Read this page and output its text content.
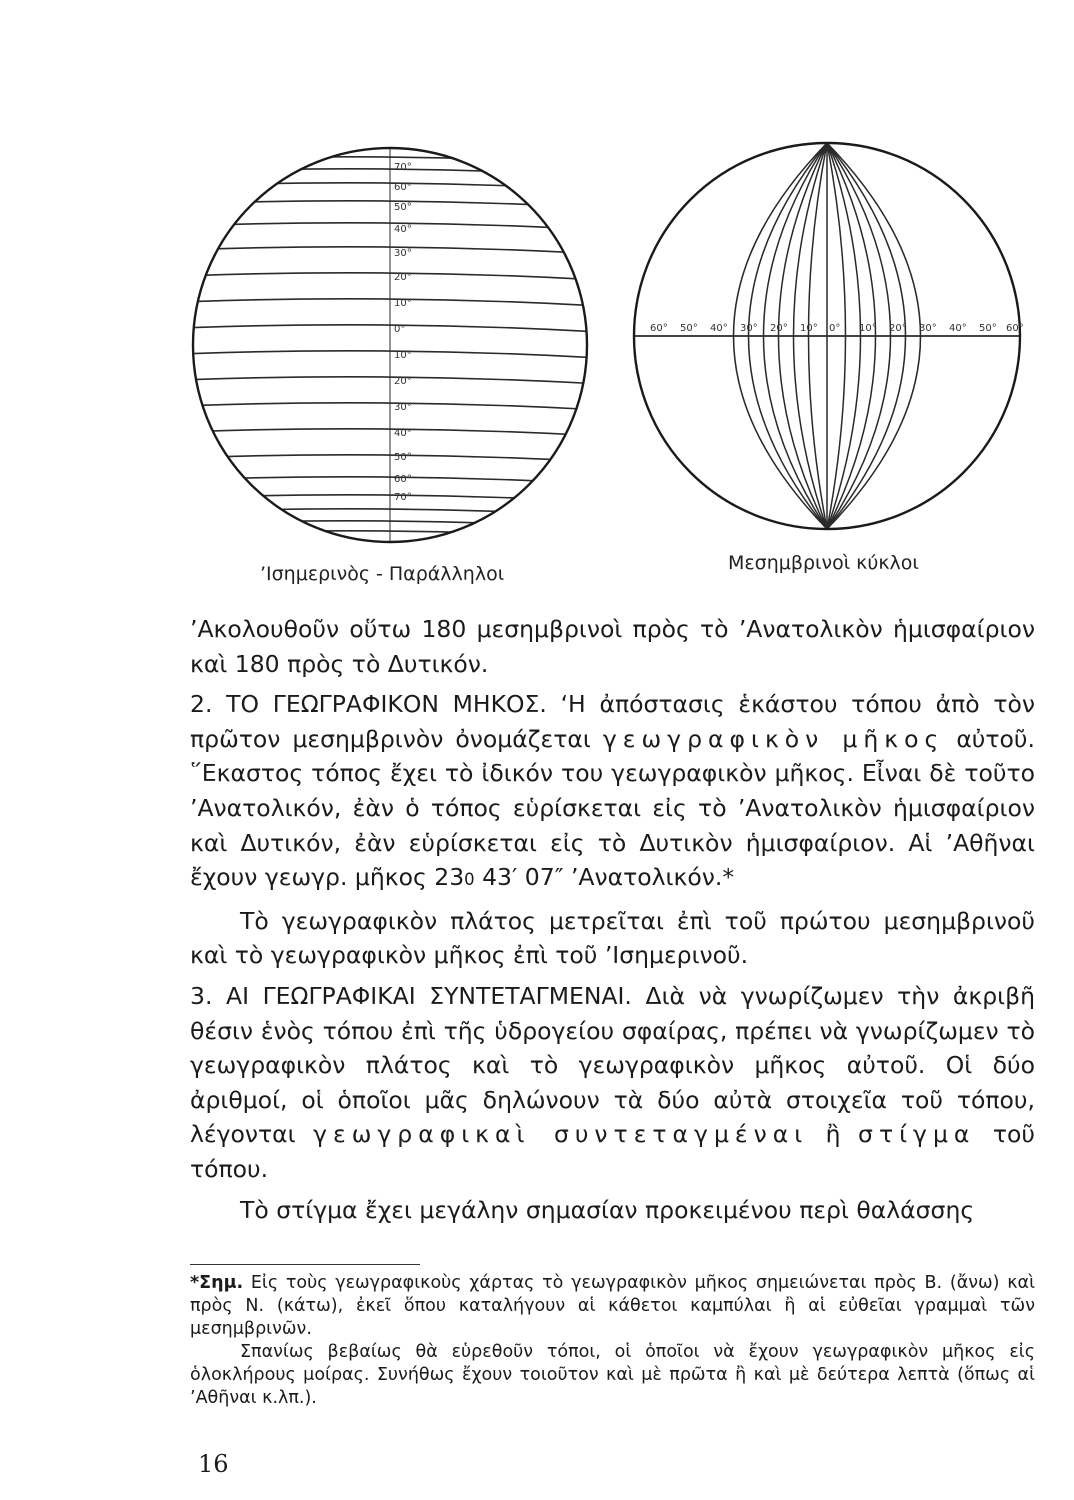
70°
60°
50°
40°
30°
20°
10°
0°
10°
20°
30°
40°
50°
60°
70°
’Ισημερινὸς - Παράλληλοι
60° 50° 40° 30° 20° 10° 0° 10° 20° 30° 40° 50° 60°
Μεσημβρινοὶ κύκλοι

’Ακολουθοῦν οὕτω 180 μεσημβρινοὶ πρὸς τὸ ’Ανατολικὸν ἡμισφαίριον καὶ 180 πρὸς τὸ Δυτικόν.

2. ΤΟ ΓΕΩΓΡΑΦΙΚΟΝ ΜΗΚΟΣ. ‘Η ἀπόστασις ἑκάστου τόπου ἀπὸ τὸν πρῶτον μεσημβρινὸν ὀνομάζεται γεωγραφικὸν μῆκος αὐτοῦ. ῞Εκαστος τόπος ἔχει τὸ ἰδικόν του γεωγραφικὸν μῆκος. Εἶναι δὲ τοῦτο ’Ανατολικόν, ἐὰν ὁ τόπος εὑρίσκεται εἰς τὸ ’Ανατολικὸν ἡμισφαίριον καὶ Δυτικόν, ἐὰν εὑρίσκεται εἰς τὸ Δυτικὸν ἡμισφαίριον. Αἱ ’Αθῆναι ἔχουν γεωγρ. μῆκος 230 43′ 07″ ’Ανατολικόν.*

Τὸ γεωγραφικὸν πλάτος μετρεῖται ἐπὶ τοῦ πρώτου μεσημβρινοῦ καὶ τὸ γεωγραφικὸν μῆκος ἐπὶ τοῦ ’Ισημερινοῦ.

3. ΑΙ ΓΕΩΓΡΑΦΙΚΑΙ ΣΥΝΤΕΤΑΓΜΕΝΑΙ. Διὰ νὰ γνωρίζωμεν τὴν ἀκριβῆ θέσιν ἑνὸς τόπου ἐπὶ τῆς ὑδρογείου σφαίρας, πρέπει νὰ γνωρίζωμεν τὸ γεωγραφικὸν πλάτος καὶ τὸ γεωγραφικὸν μῆκος αὐτοῦ. Οἱ δύο ἀριθμοί, οἱ ὁποῖοι μᾶς δηλώνουν τὰ δύο αὐτὰ στοιχεῖα τοῦ τόπου, λέγονται γεωγραφικαὶ συντεταγμέναι ἢ στίγμα τοῦ τόπου.

Τὸ στίγμα ἔχει μεγάλην σημασίαν προκειμένου περὶ θαλάσσης

*Σημ. Εἰς τοὺς γεωγραφικοὺς χάρτας τὸ γεωγραφικὸν μῆκος σημειώνεται πρὸς Β. (ἄνω) καὶ πρὸς Ν. (κάτω), ἐκεῖ ὅπου καταλήγουν αἱ κάθετοι καμπύλαι ἢ αἱ εὐθεῖαι γραμμαὶ τῶν μεσημβρινῶν.

Σπανίως βεβαίως θὰ εὑρεθοῦν τόποι, οἱ ὁποῖοι νὰ ἔχουν γεωγραφικὸν μῆκος εἰς ὁλοκλήρους μοίρας. Συνήθως ἔχουν τοιοῦτον καὶ μὲ πρῶτα ἢ καὶ μὲ δεύτερα λεπτὰ (ὅπως αἱ ’Αθῆναι κ.λπ.).

16
